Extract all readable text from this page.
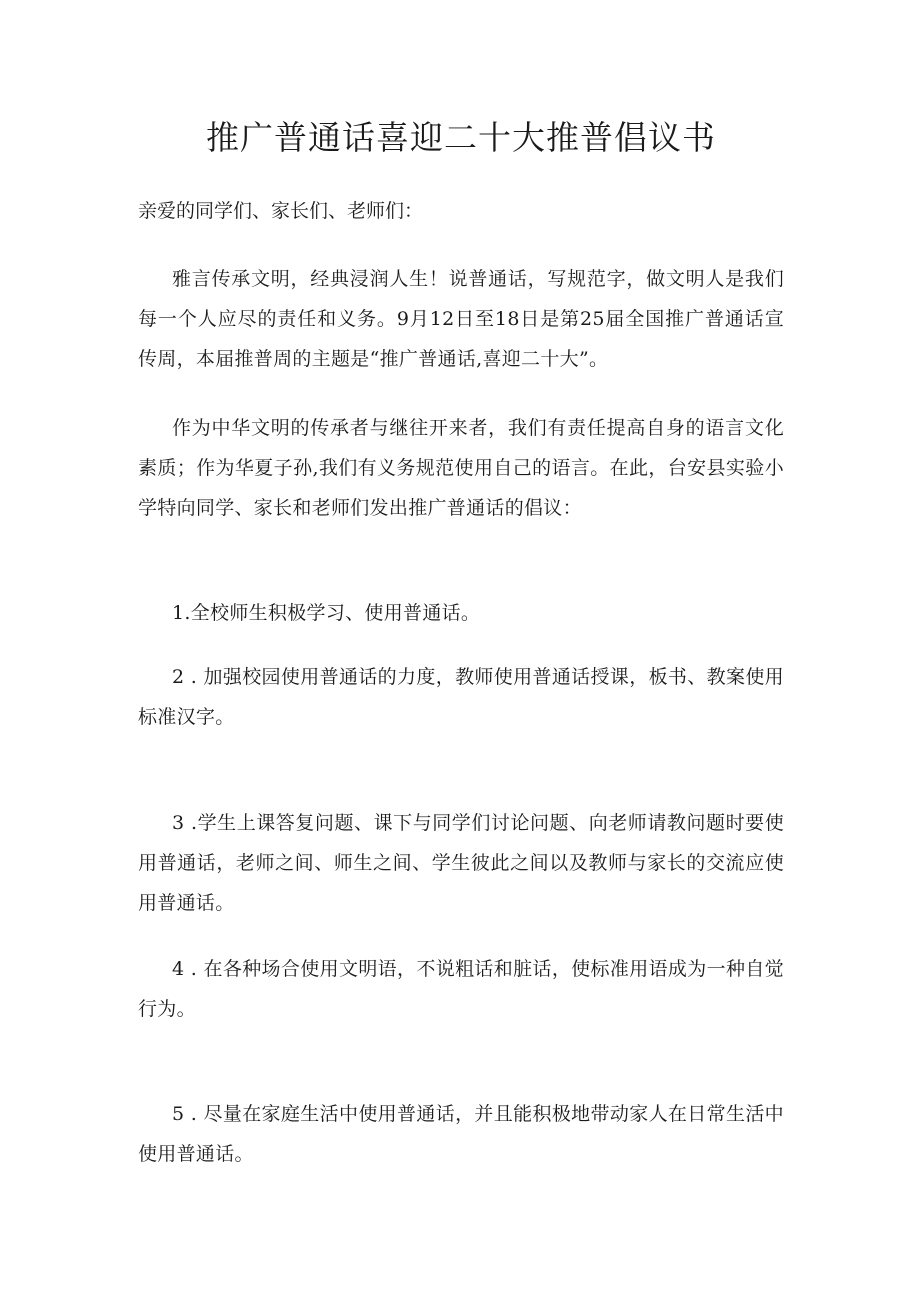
推广普通话喜迎二十大推普倡议书

亲爱的同学们、家长们、老师们：

雅言传承文明，经典浸润人生！说普通话，写规范字，做文明人是我们每一个人应尽的责任和义务。9月12日至18日是第25届全国推广普通话宣传周，本届推普周的主题是“推广普通话,喜迎二十大”。

作为中华文明的传承者与继往开来者，我们有责任提高自身的语言文化素质；作为华夏子孙,我们有义务规范使用自己的语言。在此，台安县实验小学特向同学、家长和老师们发出推广普通话的倡议：

1.全校师生积极学习、使用普通话。

2 . 加强校园使用普通话的力度，教师使用普通话授课，板书、教案使用标准汉字。

3 .学生上课答复问题、课下与同学们讨论问题、向老师请教问题时要使用普通话，老师之间、师生之间、学生彼此之间以及教师与家长的交流应使用普通话。

4 . 在各种场合使用文明语，不说粗话和脏话，使标准用语成为一种自觉行为。

5 . 尽量在家庭生活中使用普通话，并且能积极地带动家人在日常生活中使用普通话。
